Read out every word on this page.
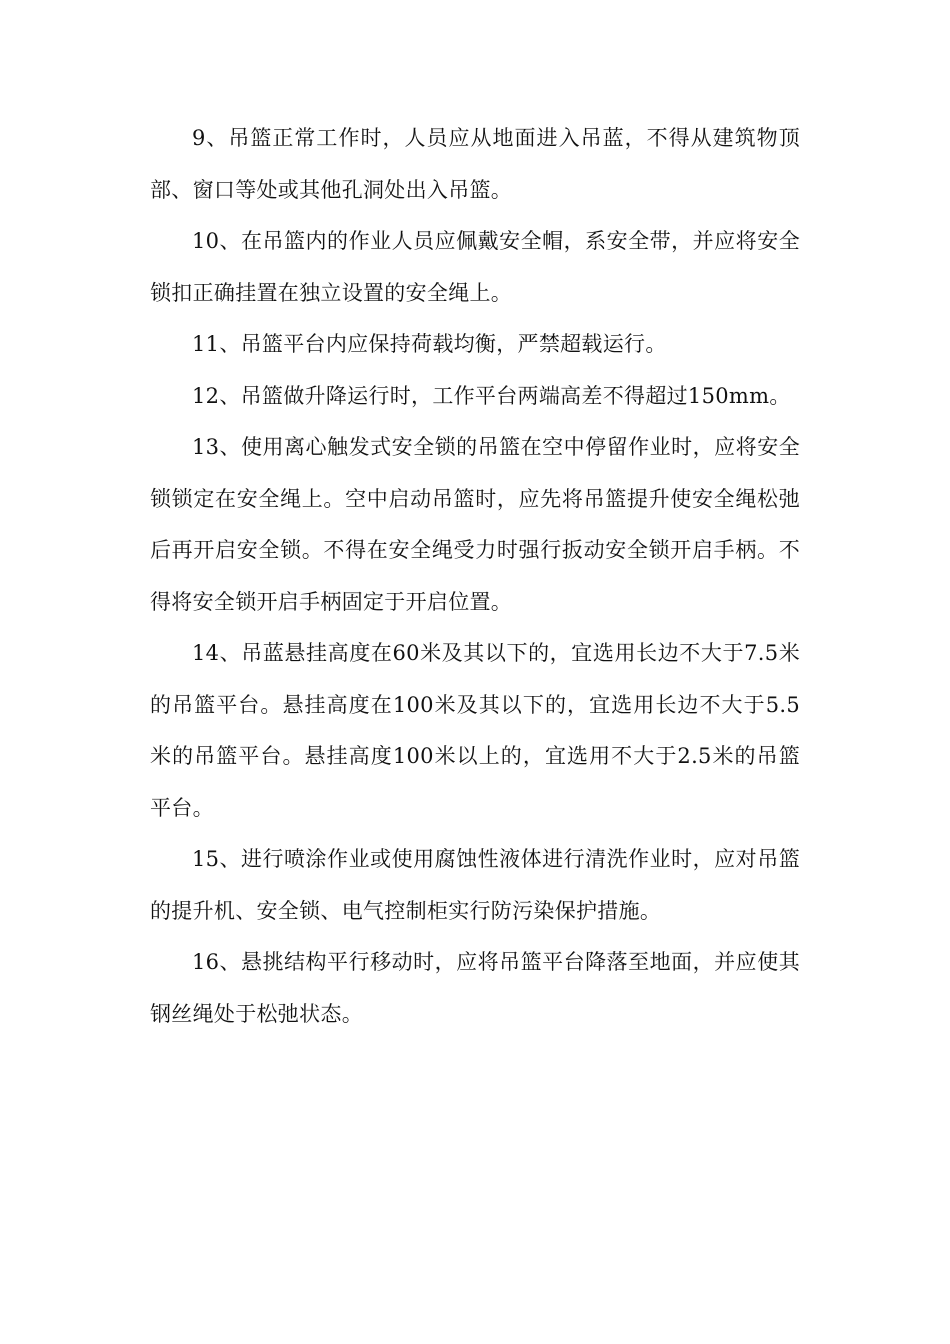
9、吊篮正常工作时，人员应从地面进入吊蓝，不得从建筑物顶部、窗口等处或其他孔洞处出入吊篮。

10、在吊篮内的作业人员应佩戴安全帽，系安全带，并应将安全锁扣正确挂置在独立设置的安全绳上。

11、吊篮平台内应保持荷载均衡，严禁超载运行。

12、吊篮做升降运行时，工作平台两端高差不得超过150mm。

13、使用离心触发式安全锁的吊篮在空中停留作业时，应将安全锁锁定在安全绳上。空中启动吊篮时，应先将吊篮提升使安全绳松弛后再开启安全锁。不得在安全绳受力时强行扳动安全锁开启手柄。不得将安全锁开启手柄固定于开启位置。

14、吊蓝悬挂高度在60米及其以下的，宜选用长边不大于7.5米的吊篮平台。悬挂高度在100米及其以下的，宜选用长边不大于5.5米的吊篮平台。悬挂高度100米以上的，宜选用不大于2.5米的吊篮平台。

15、进行喷涂作业或使用腐蚀性液体进行清洗作业时，应对吊篮的提升机、安全锁、电气控制柜实行防污染保护措施。

16、悬挑结构平行移动时，应将吊篮平台降落至地面，并应使其钢丝绳处于松弛状态。
